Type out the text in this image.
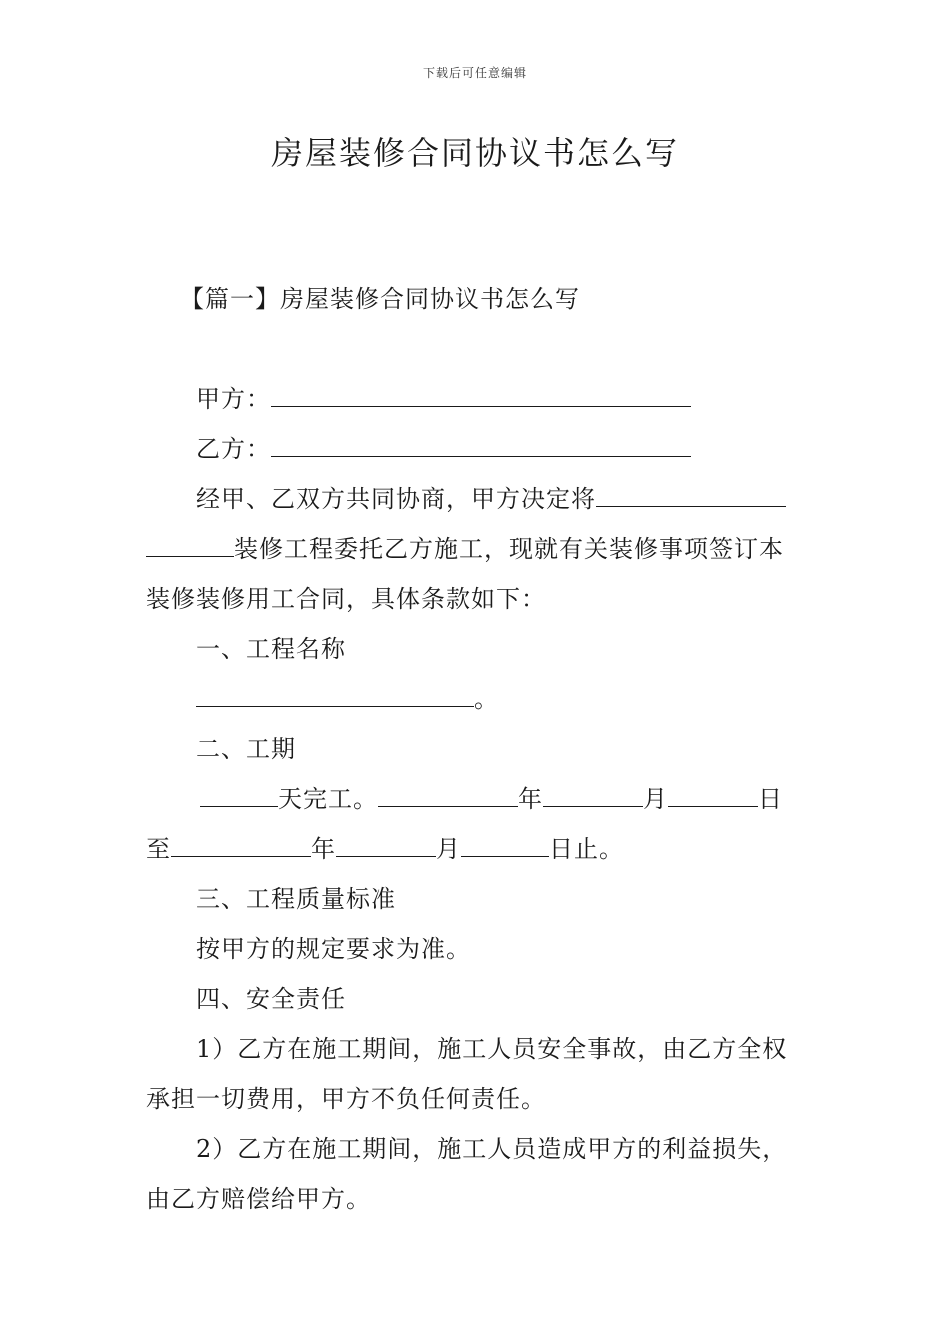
下载后可任意编辑
房屋装修合同协议书怎么写
【篇一】房屋装修合同协议书怎么写
甲方：
乙方：
经甲、乙双方共同协商，甲方决定将
装修工程委托乙方施工，现就有关装修事项签订本
装修装修用工合同，具体条款如下：
一、工程名称
。
二、工期
天完工。	年	月	日
至	年	月	日止。
三、工程质量标准
按甲方的规定要求为准。
四、安全责任
1）乙方在施工期间，施工人员安全事故，由乙方全权
承担一切费用，甲方不负任何责任。
2）乙方在施工期间，施工人员造成甲方的利益损失，
由乙方赔偿给甲方。
